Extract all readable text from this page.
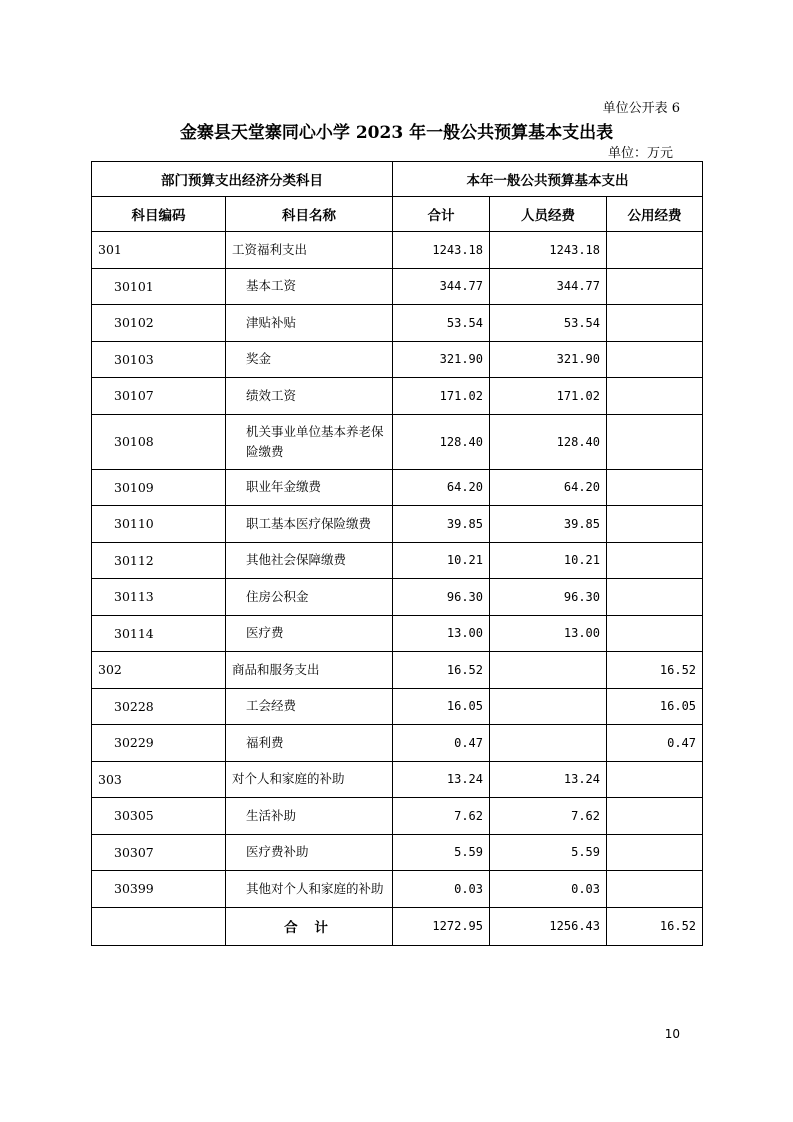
单位公开表 6
金寨县天堂寨同心小学 2023 年一般公共预算基本支出表
单位：万元
部门预算支出经济分类科目		本年一般公共预算基本支出		
科目编码	科目名称	合计	人员经费	公用经费
301	工资福利支出	1243.18	1243.18	
30101	基本工资	344.77	344.77	
30102	津贴补贴	53.54	53.54	
30103	奖金	321.90	321.90	
30107	绩效工资	171.02	171.02	
30108	机关事业单位基本养老保险缴费	128.40	128.40	
30109	职业年金缴费	64.20	64.20	
30110	职工基本医疗保险缴费	39.85	39.85	
30112	其他社会保障缴费	10.21	10.21	
30113	住房公积金	96.30	96.30	
30114	医疗费	13.00	13.00	
302	商品和服务支出	16.52		16.52
30228	工会经费	16.05		16.05
30229	福利费	0.47		0.47
303	对个人和家庭的补助	13.24	13.24	
30305	生活补助	7.62	7.62	
30307	医疗费补助	5.59	5.59	
30399	其他对个人和家庭的补助	0.03	0.03	
	合 计	1272.95	1256.43	16.52
10
